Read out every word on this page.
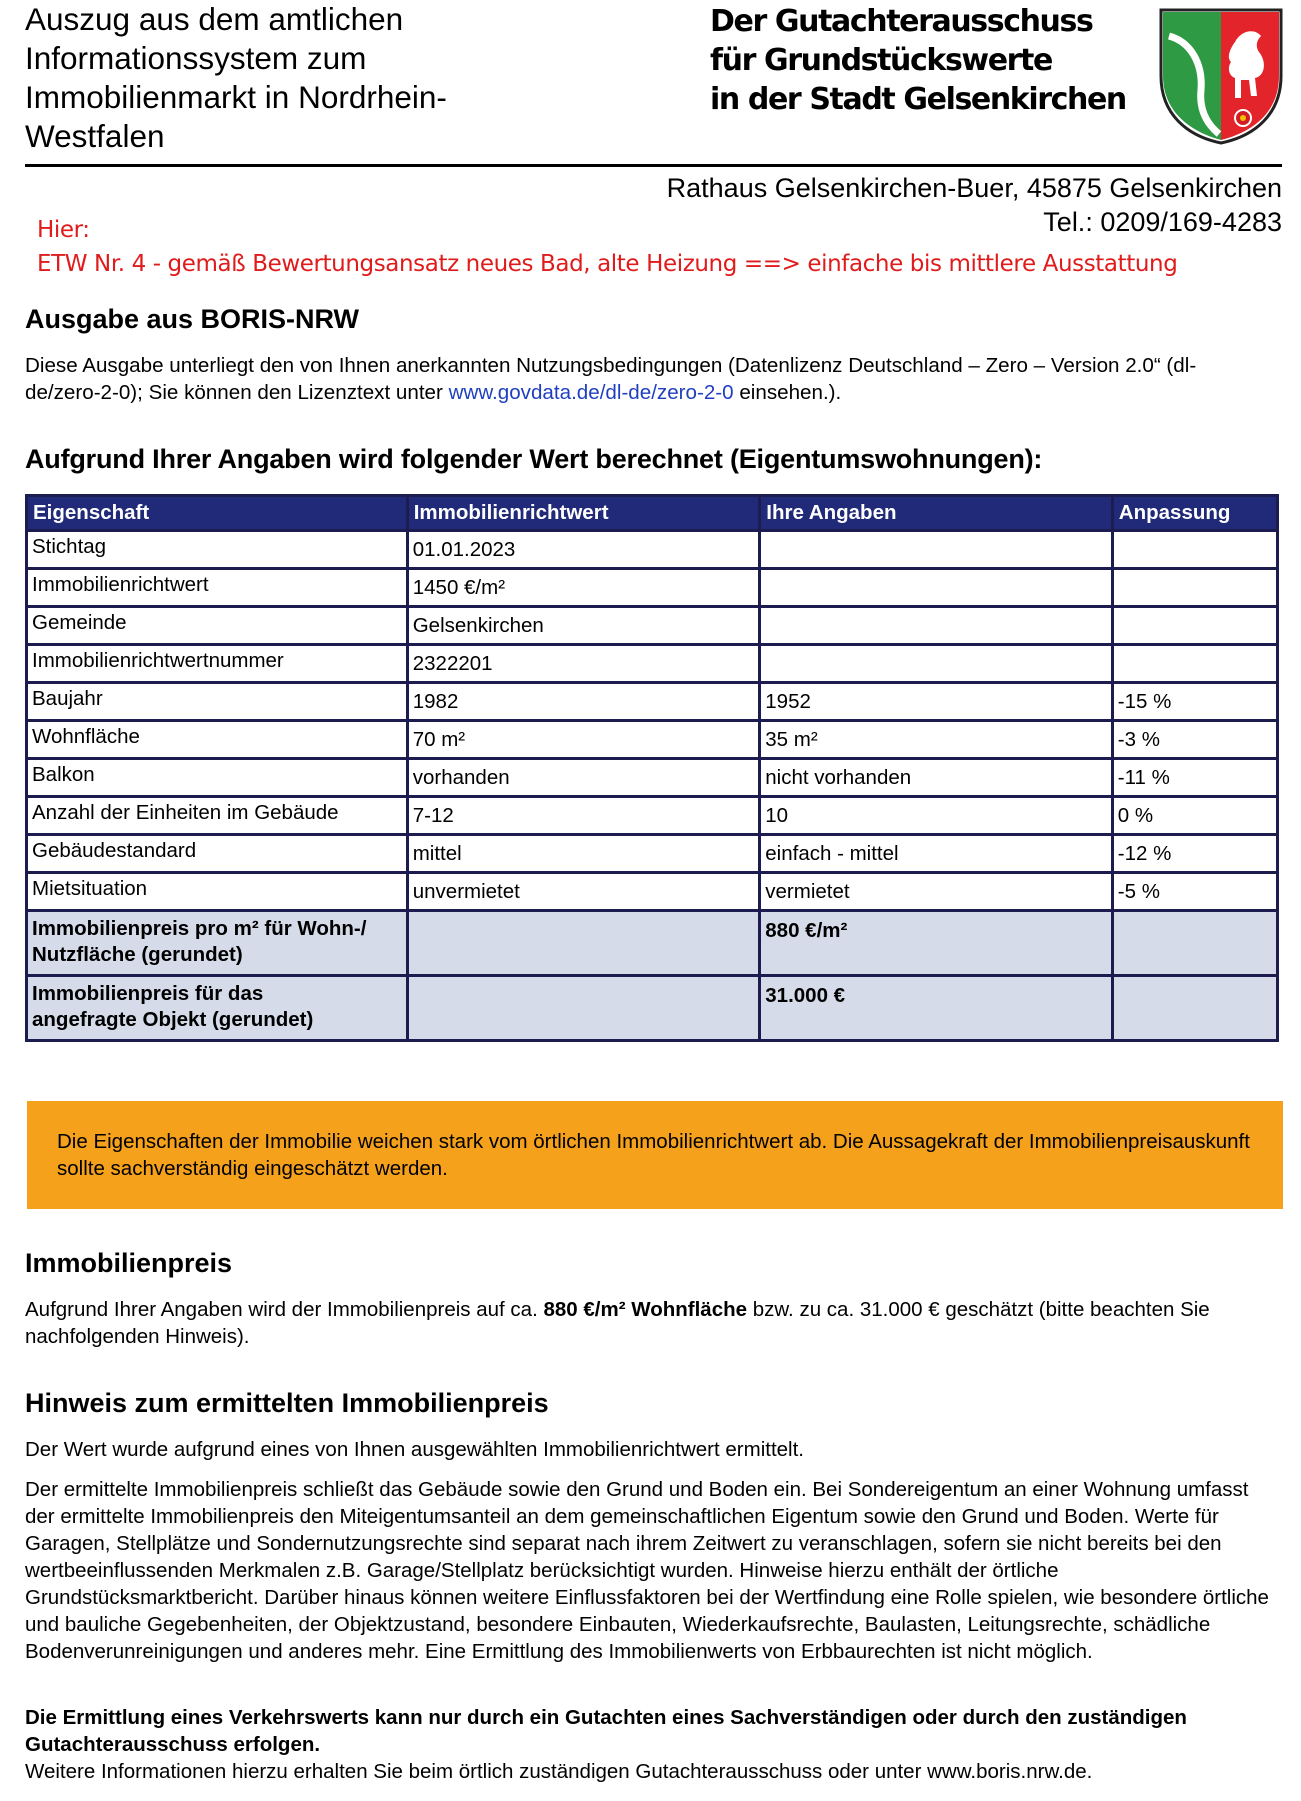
Auszug aus dem amtlichen
Informationssystem zum
Immobilienmarkt in Nordrhein-
Westfalen
Der Gutachterausschuss
für Grundstückswerte
in der Stadt Gelsenkirchen
Rathaus Gelsenkirchen-Buer, 45875 Gelsenkirchen
Tel.: 0209/169-4283
Hier:
ETW Nr. 4 - gemäß Bewertungsansatz neues Bad, alte Heizung ==> einfache bis mittlere Ausstattung
Ausgabe aus BORIS-NRW

Diese Ausgabe unterliegt den von Ihnen anerkannten Nutzungsbedingungen (Datenlizenz Deutschland – Zero – Version 2.0“ (dl-de/zero-2-0); Sie können den Lizenztext unter www.govdata.de/dl-de/zero-2-0 einsehen.).

Aufgrund Ihrer Angaben wird folgender Wert berechnet (Eigentumswohnungen):
Eigenschaft	Immobilienrichtwert	Ihre Angaben	Anpassung
Stichtag	01.01.2023		
Immobilienrichtwert	1450 €/m²		
Gemeinde	Gelsenkirchen		
Immobilienrichtwertnummer	2322201		
Baujahr	1982	1952	-15 %
Wohnfläche	70 m²	35 m²	-3 %
Balkon	vorhanden	nicht vorhanden	-11 %
Anzahl der Einheiten im Gebäude	7-12	10	0 %
Gebäudestandard	mittel	einfach - mittel	-12 %
Mietsituation	unvermietet	vermietet	-5 %

Immobilienpreis pro m² für Wohn-/
Nutzfläche (gerundet)		880 €/m²	

Immobilienpreis für das
angefragte Objekt (gerundet)		31.000 €	

Die Eigenschaften der Immobilie weichen stark vom örtlichen Immobilienrichtwert ab. Die Aussagekraft der Immobilienpreisauskunft sollte sachverständig eingeschätzt werden.

Immobilienpreis

Aufgrund Ihrer Angaben wird der Immobilienpreis auf ca. 880 €/m² Wohnfläche bzw. zu ca. 31.000 € geschätzt (bitte beachten Sie nachfolgenden Hinweis).

Hinweis zum ermittelten Immobilienpreis

Der Wert wurde aufgrund eines von Ihnen ausgewählten Immobilienrichtwert ermittelt.

Der ermittelte Immobilienpreis schließt das Gebäude sowie den Grund und Boden ein. Bei Sondereigentum an einer Wohnung umfasst der ermittelte Immobilienpreis den Miteigentumsanteil an dem gemeinschaftlichen Eigentum sowie den Grund und Boden. Werte für Garagen, Stellplätze und Sondernutzungsrechte sind separat nach ihrem Zeitwert zu veranschlagen, sofern sie nicht bereits bei den wertbeeinflussenden Merkmalen z.B. Garage/Stellplatz berücksichtigt wurden. Hinweise hierzu enthält der örtliche Grundstücksmarktbericht. Darüber hinaus können weitere Einflussfaktoren bei der Wertfindung eine Rolle spielen, wie besondere örtliche und bauliche Gegebenheiten, der Objektzustand, besondere Einbauten, Wiederkaufsrechte, Baulasten, Leitungsrechte, schädliche Bodenverunreinigungen und anderes mehr. Eine Ermittlung des Immobilienwerts von Erbbaurechten ist nicht möglich.

Die Ermittlung eines Verkehrswerts kann nur durch ein Gutachten eines Sachverständigen oder durch den zuständigen Gutachterausschuss erfolgen.
Weitere Informationen hierzu erhalten Sie beim örtlich zuständigen Gutachterausschuss oder unter www.boris.nrw.de.
